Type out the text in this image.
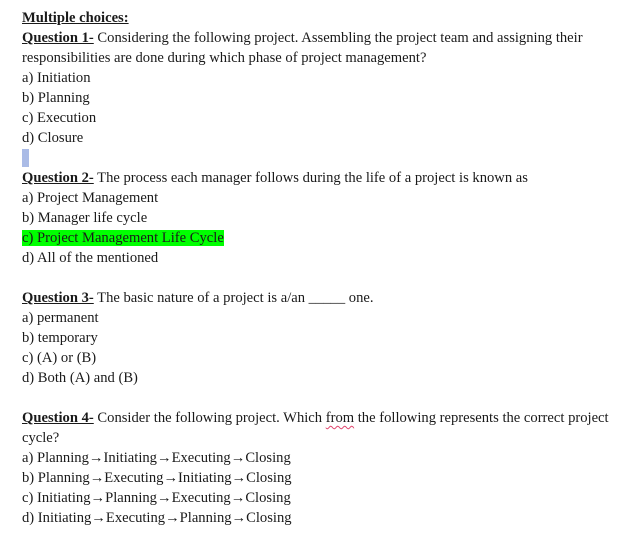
Multiple choices:
Question 1- Considering the following project. Assembling the project team and assigning their responsibilities are done during which phase of project management?
a) Initiation
b) Planning
c) Execution
d) Closure
Question 2- The process each manager follows during the life of a project is known as
a) Project Management
b) Manager life cycle
c) Project Management Life Cycle
d) All of the mentioned
Question 3- The basic nature of a project is a/an _____ one.
a) permanent
b) temporary
c) (A) or (B)
d) Both (A) and (B)
Question 4- Consider the following project. Which from the following represents the correct project cycle?
a) Planning→Initiating→Executing→Closing
b) Planning→Executing→Initiating→Closing
c) Initiating→Planning→Executing→Closing
d) Initiating→Executing→Planning→Closing
